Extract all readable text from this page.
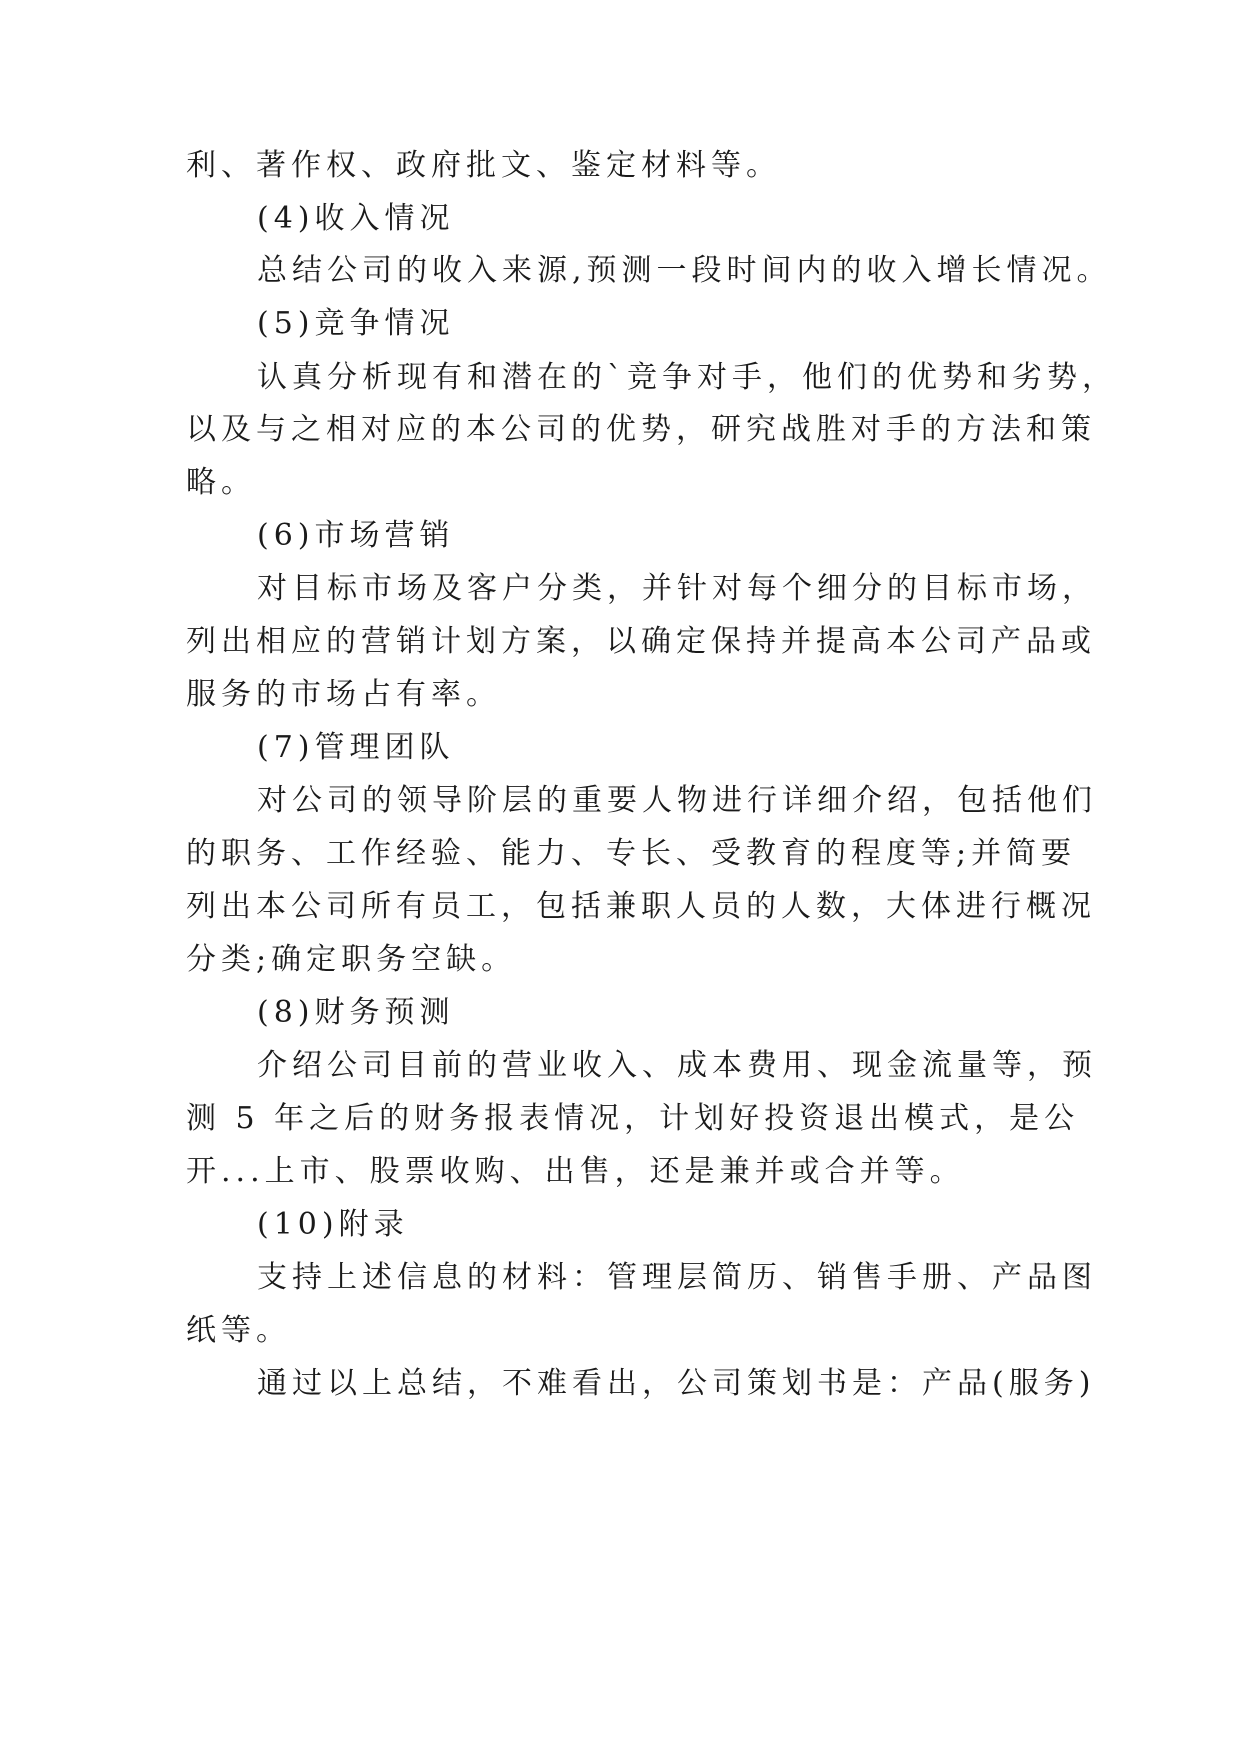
利、著作权、政府批文、鉴定材料等。
(4)收入情况
总结公司的收入来源,预测一段时间内的收入增长情况。
(5)竞争情况
认真分析现有和潜在的`竞争对手，他们的优势和劣势，
以及与之相对应的本公司的优势，研究战胜对手的方法和策
略。
(6)市场营销
对目标市场及客户分类，并针对每个细分的目标市场，
列出相应的营销计划方案，以确定保持并提高本公司产品或
服务的市场占有率。
(7)管理团队
对公司的领导阶层的重要人物进行详细介绍，包括他们
的职务、工作经验、能力、专长、受教育的程度等;并简要
列出本公司所有员工，包括兼职人员的人数，大体进行概况
分类;确定职务空缺。
(8)财务预测
介绍公司目前的营业收入、成本费用、现金流量等，预
测 5 年之后的财务报表情况，计划好投资退出模式，是公
开...上市、股票收购、出售，还是兼并或合并等。
(10)附录
支持上述信息的材料：管理层简历、销售手册、产品图
纸等。
通过以上总结，不难看出，公司策划书是：产品(服务)
